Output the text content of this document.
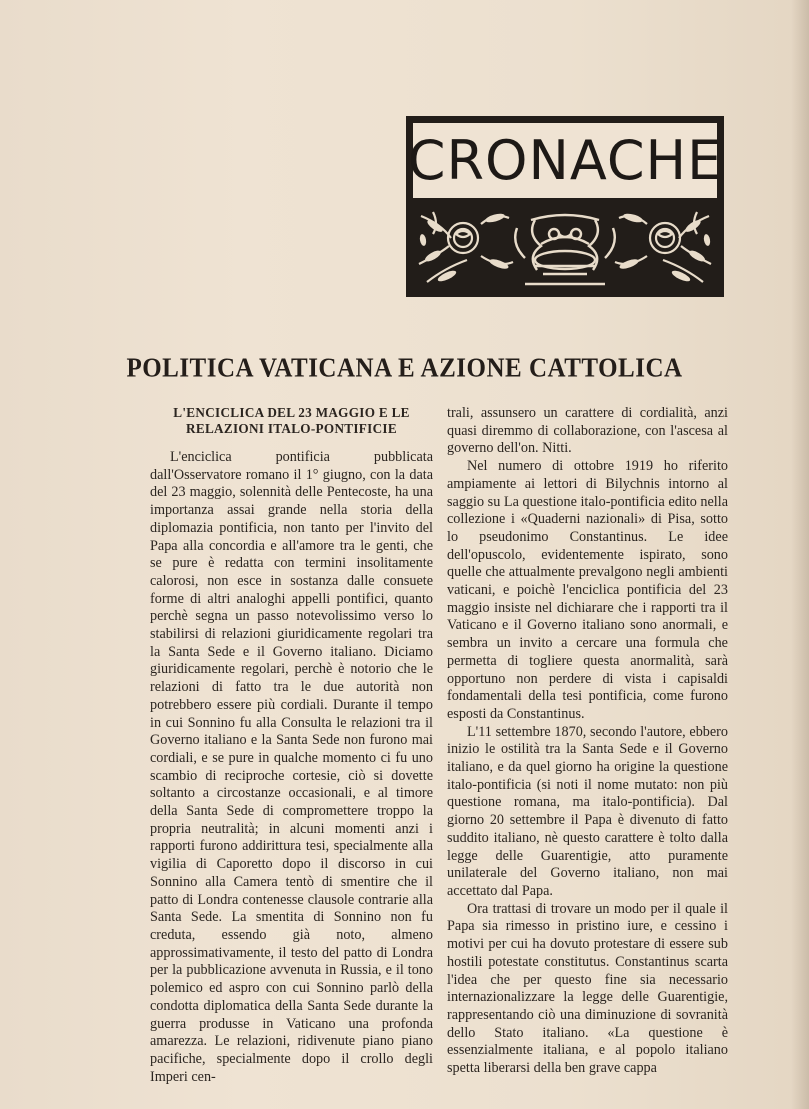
CRONACHE
POLITICA VATICANA E AZIONE CATTOLICA
L'ENCICLICA DEL 23 MAGGIO E LE RELAZIONI ITALO-PONTIFICIE

L'enciclica pontificia pubblicata dall'Osservatore romano il 1° giugno, con la data del 23 maggio, solennità delle Pentecoste, ha una importanza assai grande nella storia della diplomazia pontificia, non tanto per l'invito del Papa alla concordia e all'amore tra le genti, che se pure è redatta con termini insolitamente calorosi, non esce in sostanza dalle consuete forme di altri analoghi appelli pontifici, quanto perchè segna un passo notevolissimo verso lo stabilirsi di relazioni giuridicamente regolari tra la Santa Sede e il Governo italiano. Diciamo giuridicamente regolari, perchè è notorio che le relazioni di fatto tra le due autorità non potrebbero essere più cordiali. Durante il tempo in cui Sonnino fu alla Consulta le relazioni tra il Governo italiano e la Santa Sede non furono mai cordiali, e se pure in qualche momento ci fu uno scambio di reciproche cortesie, ciò si dovette soltanto a circostanze occasionali, e al timore della Santa Sede di compromettere troppo la propria neutralità; in alcuni momenti anzi i rapporti furono addirittura tesi, specialmente alla vigilia di Caporetto dopo il discorso in cui Sonnino alla Camera tentò di smentire che il patto di Londra contenesse clausole contrarie alla Santa Sede. La smentita di Sonnino non fu creduta, essendo già noto, almeno approssimativamente, il testo del patto di Londra per la pubblicazione avvenuta in Russia, e il tono polemico ed aspro con cui Sonnino parlò della condotta diplomatica della Santa Sede durante la guerra produsse in Vaticano una profonda amarezza. Le relazioni, ridivenute piano piano pacifiche, specialmente dopo il crollo degli Imperi cen-

trali, assunsero un carattere di cordialità, anzi quasi diremmo di collaborazione, con l'ascesa al governo dell'on. Nitti.

Nel numero di ottobre 1919 ho riferito ampiamente ai lettori di Bilychnis intorno al saggio su La questione italo-pontificia edito nella collezione i «Quaderni nazionali» di Pisa, sotto lo pseudonimo Constantinus. Le idee dell'opuscolo, evidentemente ispirato, sono quelle che attualmente prevalgono negli ambienti vaticani, e poichè l'enciclica pontificia del 23 maggio insiste nel dichiarare che i rapporti tra il Vaticano e il Governo italiano sono anormali, e sembra un invito a cercare una formula che permetta di togliere questa anormalità, sarà opportuno non perdere di vista i capisaldi fondamentali della tesi pontificia, come furono esposti da Constantinus.

L'11 settembre 1870, secondo l'autore, ebbero inizio le ostilità tra la Santa Sede e il Governo italiano, e da quel giorno ha origine la questione italo-pontificia (si noti il nome mutato: non più questione romana, ma italo-pontificia). Dal giorno 20 settembre il Papa è divenuto di fatto suddito italiano, nè questo carattere è tolto dalla legge delle Guarentigie, atto puramente unilaterale del Governo italiano, non mai accettato dal Papa.

Ora trattasi di trovare un modo per il quale il Papa sia rimesso in pristino iure, e cessino i motivi per cui ha dovuto protestare di essere sub hostili potestate constitutus. Constantinus scarta l'idea che per questo fine sia necessario internazionalizzare la legge delle Guarentigie, rappresentando ciò una diminuzione di sovranità dello Stato italiano. «La questione è essenzialmente italiana, e al popolo italiano spetta liberarsi della ben grave cappa
